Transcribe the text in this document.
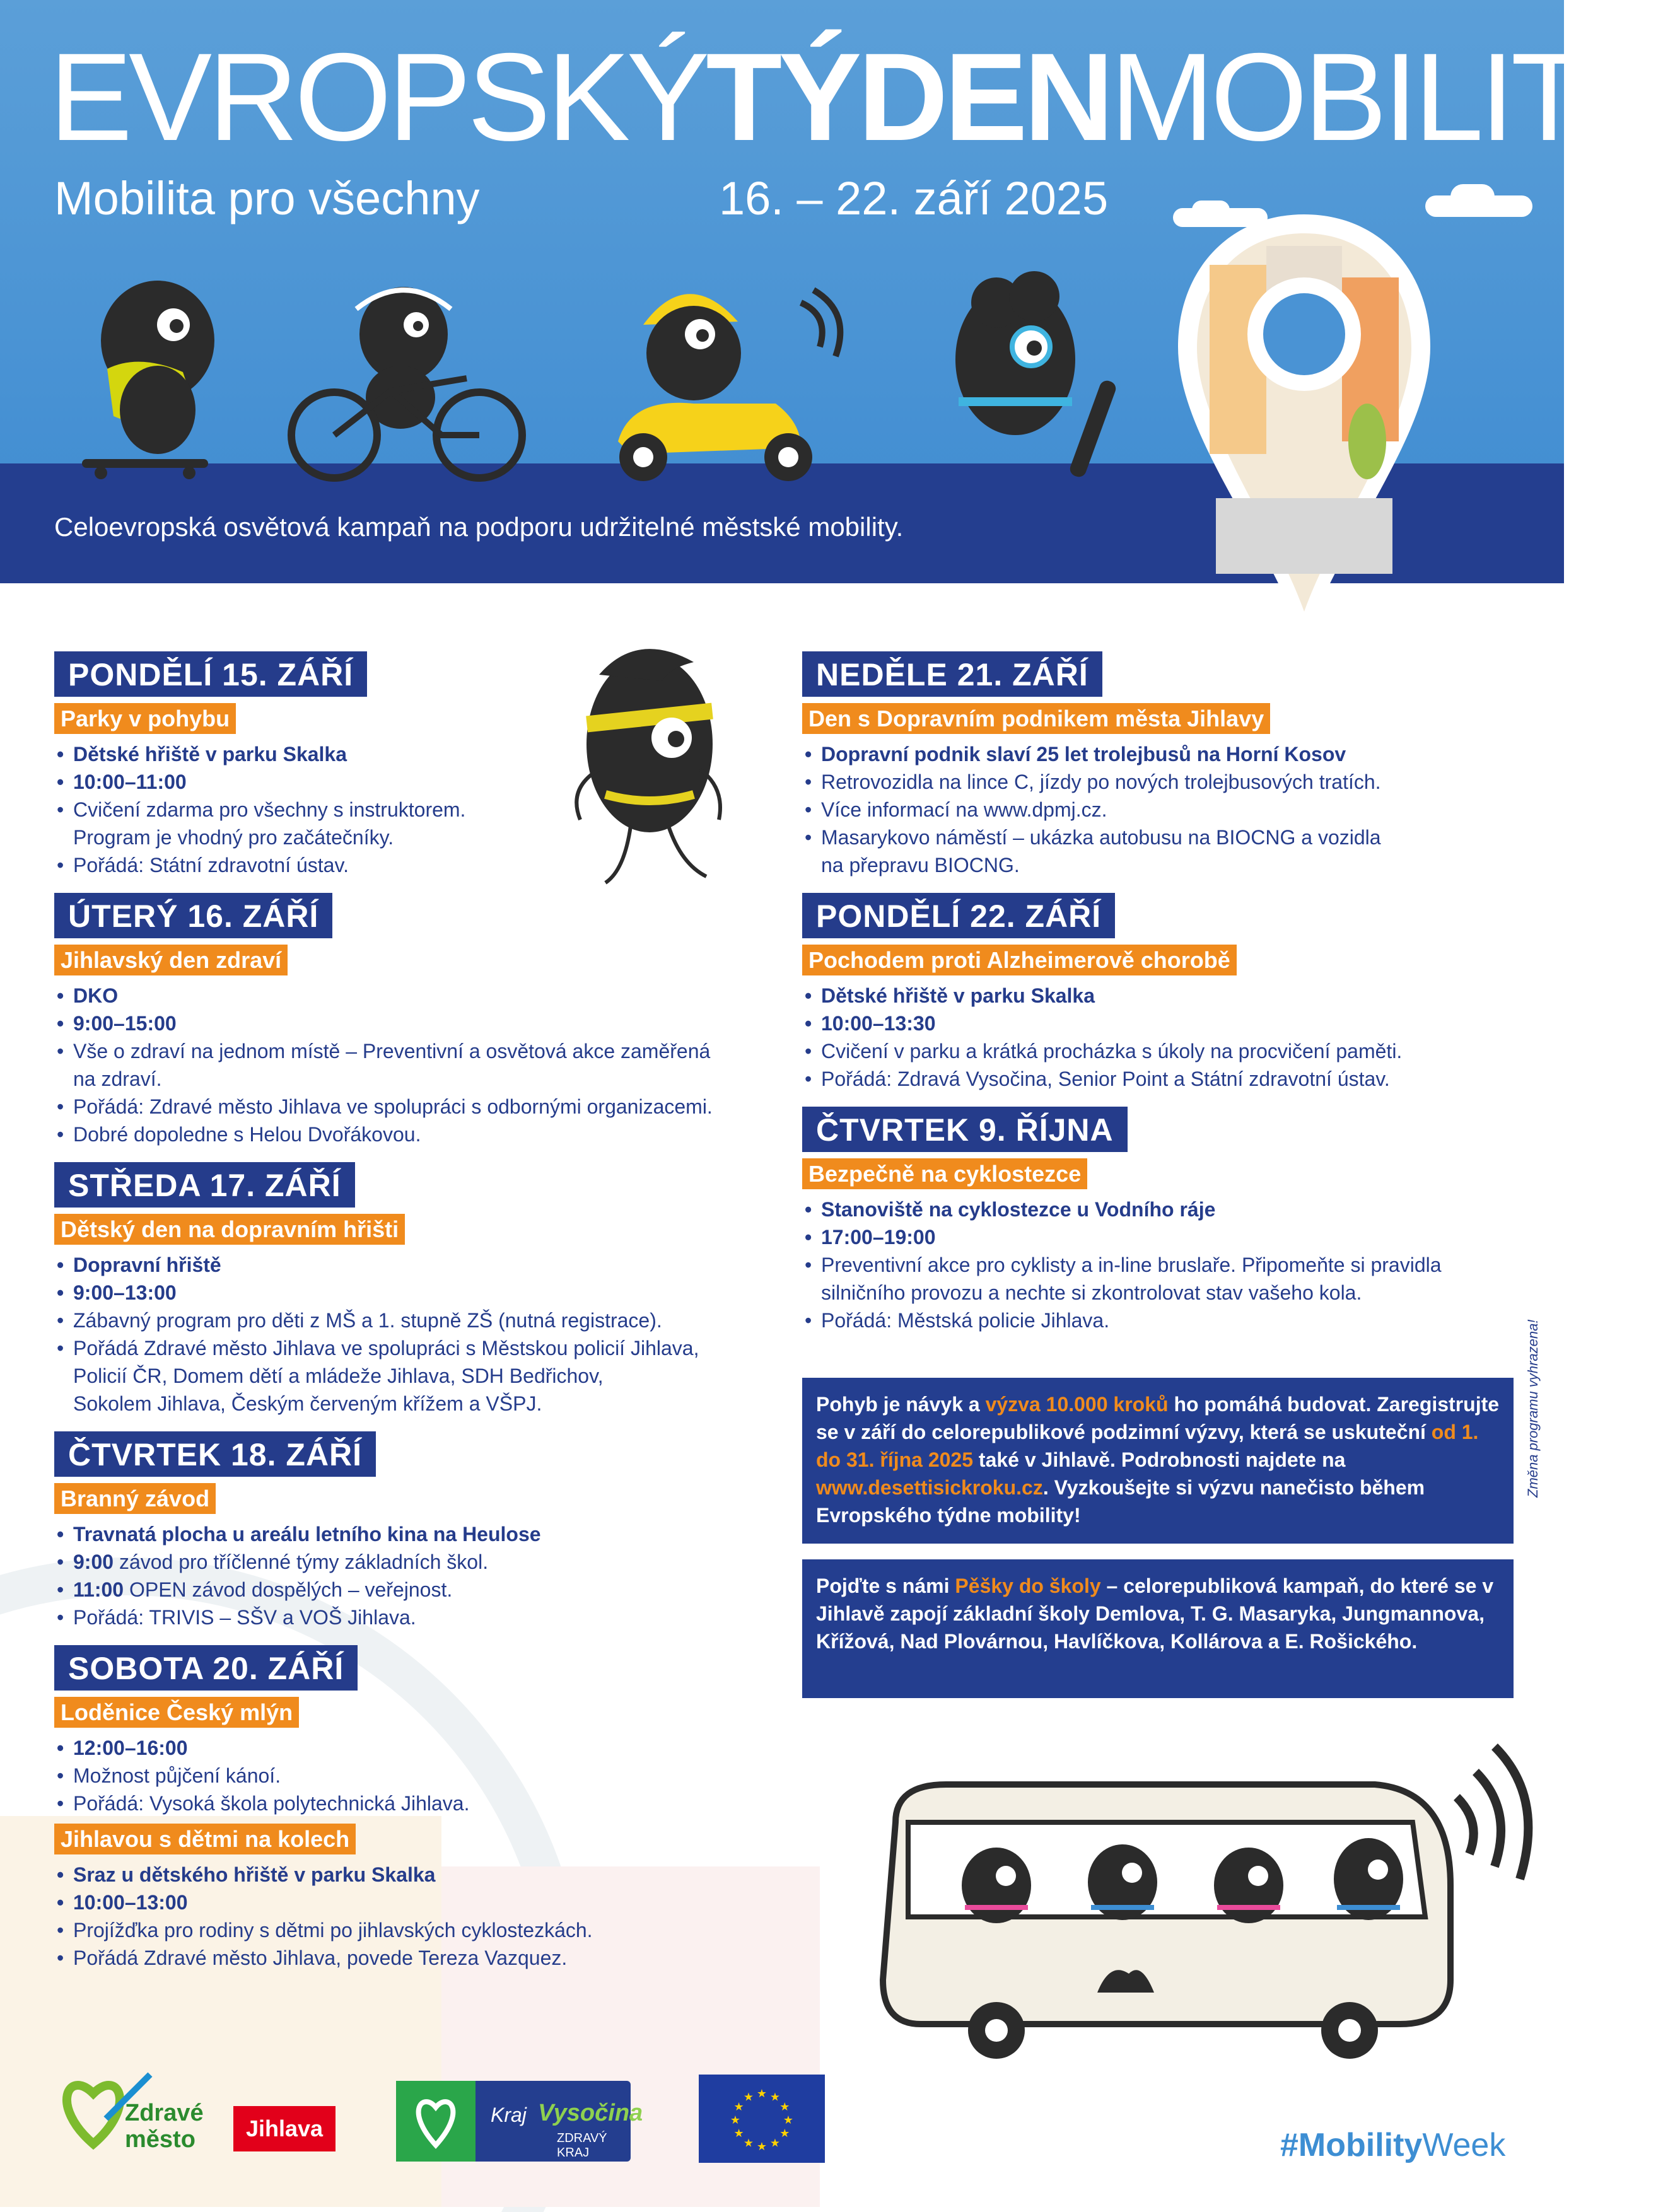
EVROPSKÝTÝDENMOBILITY
Mobilita pro všechny	16. – 22. září 2025
Celoevropská osvětová kampaň na podporu udržitelné městské mobility.
PONDĚLÍ 15. ZÁŘÍ
Parky v pohybu
• Dětské hřiště v parku Skalka
• 10:00–11:00
• Cvičení zdarma pro všechny s instruktorem.
Program je vhodný pro začátečníky.
• Pořádá: Státní zdravotní ústav.
ÚTERÝ 16. ZÁŘÍ
Jihlavský den zdraví
• DKO
• 9:00–15:00
• Vše o zdraví na jednom místě – Preventivní a osvětová akce zaměřená
na zdraví.
• Pořádá: Zdravé město Jihlava ve spolupráci s odbornými organizacemi.
• Dobré dopoledne s Helou Dvořákovou.
STŘEDA 17. ZÁŘÍ
Dětský den na dopravním hřišti
• Dopravní hřiště
• 9:00–13:00
• Zábavný program pro děti z MŠ a 1. stupně ZŠ (nutná registrace).
• Pořádá Zdravé město Jihlava ve spolupráci s Městskou policií Jihlava,
Policií ČR, Domem dětí a mládeže Jihlava, SDH Bedřichov,
Sokolem Jihlava, Českým červeným křížem a VŠPJ.
ČTVRTEK 18. ZÁŘÍ
Branný závod
• Travnatá plocha u areálu letního kina na Heulose
• 9:00 závod pro tříčlenné týmy základních škol.
• 11:00 OPEN závod dospělých – veřejnost.
• Pořádá: TRIVIS – SŠV a VOŠ Jihlava.
SOBOTA 20. ZÁŘÍ
Loděnice Český mlýn
• 12:00–16:00
• Možnost půjčení kánoí.
• Pořádá: Vysoká škola polytechnická Jihlava.
Jihlavou s dětmi na kolech
• Sraz u dětského hřiště v parku Skalka
• 10:00–13:00
• Projížďka pro rodiny s dětmi po jihlavských cyklostezkách.
• Pořádá Zdravé město Jihlava, povede Tereza Vazquez.
NEDĚLE 21. ZÁŘÍ
Den s Dopravním podnikem města Jihlavy
• Dopravní podnik slaví 25 let trolejbusů na Horní Kosov
• Retrovozidla na lince C, jízdy po nových trolejbusových tratích.
• Více informací na www.dpmj.cz.
• Masarykovo náměstí – ukázka autobusu na BIOCNG a vozidla
na přepravu BIOCNG.
PONDĚLÍ 22. ZÁŘÍ
Pochodem proti Alzheimerově chorobě
• Dětské hřiště v parku Skalka
• 10:00–13:30
• Cvičení v parku a krátká procházka s úkoly na procvičení paměti.
• Pořádá: Zdravá Vysočina, Senior Point a Státní zdravotní ústav.
ČTVRTEK 9. ŘÍJNA
Bezpečně na cyklostezce
• Stanoviště na cyklostezce u Vodního ráje
• 17:00–19:00
• Preventivní akce pro cyklisty a in-line bruslaře. Připomeňte si pravidla
silničního provozu a nechte si zkontrolovat stav vašeho kola.
• Pořádá: Městská policie Jihlava.
Pohyb je návyk a výzva 10.000 kroků ho pomáhá budovat. Zaregistrujte se v září do celorepublikové podzimní výzvy, která se uskuteční od 1. do 31. října 2025 také v Jihlavě. Podrobnosti najdete na www.desettisickroku.cz. Vyzkoušejte si výzvu nanečisto během Evropského týdne mobility!
Pojďte s námi Pěšky do školy – celorepubliková kampaň, do které se v Jihlavě zapojí základní školy Demlova, T. G. Masaryka, Jungmannova, Křížová, Nad Plovárnou, Havlíčkova, Kollárova a E. Rošického.
Změna programu vyhrazena!
Zdravé
město	Jihlava
Kraj Vysočina
ZDRAVÝ KRAJ
★
★
★
★
★
★
★
★
★ ★ ★
★
#MobilityWeek
